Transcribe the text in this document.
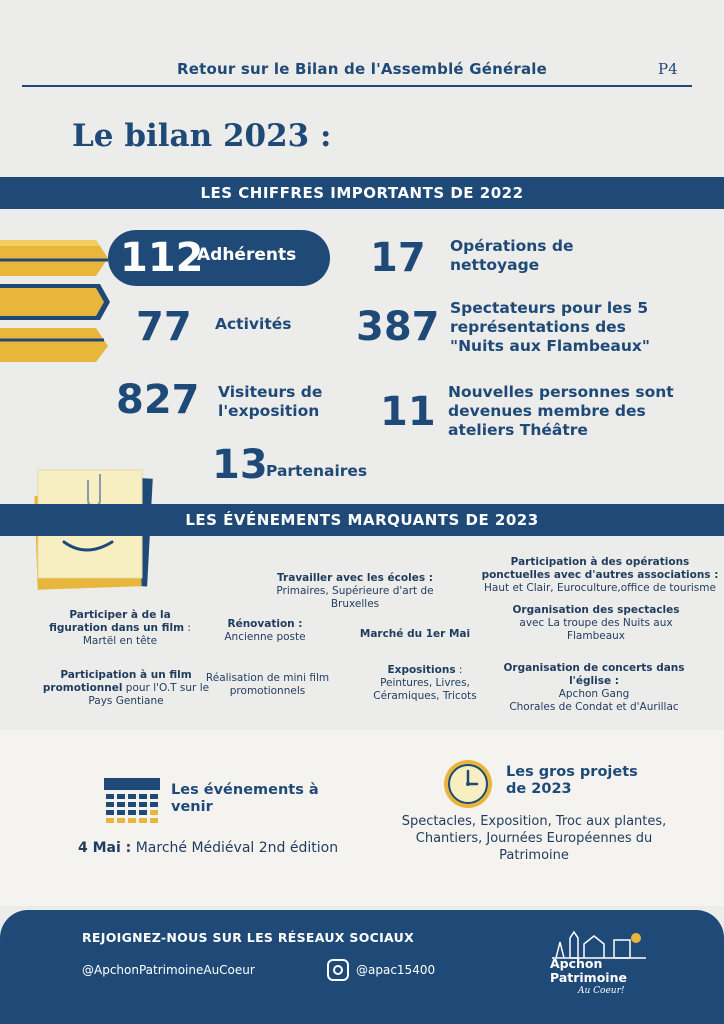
Retour sur le Bilan de l'Assemblé Générale	P4
Le bilan 2023 :
LES CHIFFRES IMPORTANTS DE 2022
112
Adhérents 17 Opérations de nettoyage
77 Activités 387 Spectateurs pour les 5 représentations des "Nuits aux Flambeaux"
827 Visiteurs de l'exposition	11 Nouvelles personnes sont devenues membre des ateliers Théâtre
13
Partenaires
LES ÉVÉNEMENTS MARQUANTS DE 2023
Travailler avec les écoles :
Primaires, Supérieure d'art de Bruxelles
Participation à des opérations ponctuelles avec d'autres associations :
Haut et Clair, Euroculture,office de tourisme
Participer à de la figuration dans un film :
Martël en tête
Rénovation :
Ancienne poste	Marché du 1er Mai
Organisation des spectacles
avec La troupe des Nuits aux Flambeaux
Participation à un film promotionnel pour l'O.T sur le Pays Gentiane
Réalisation de mini film promotionnels
Expositions :
Peintures, Livres, Céramiques, Tricots
Organisation de concerts dans l'église :
Apchon Gang
Chorales de Condat et d'Aurillac
Les événements à venir
4 Mai : Marché Médiéval 2nd édition
Les gros projets de 2023
Spectacles, Exposition, Troc aux plantes, Chantiers, Journées Européennes du Patrimoine
REJOIGNEZ-NOUS SUR LES RÉSEAUX SOCIAUX
@ApchonPatrimoineAuCoeur	@apac15400	Apchon
Patrimoine
Au Coeur!
